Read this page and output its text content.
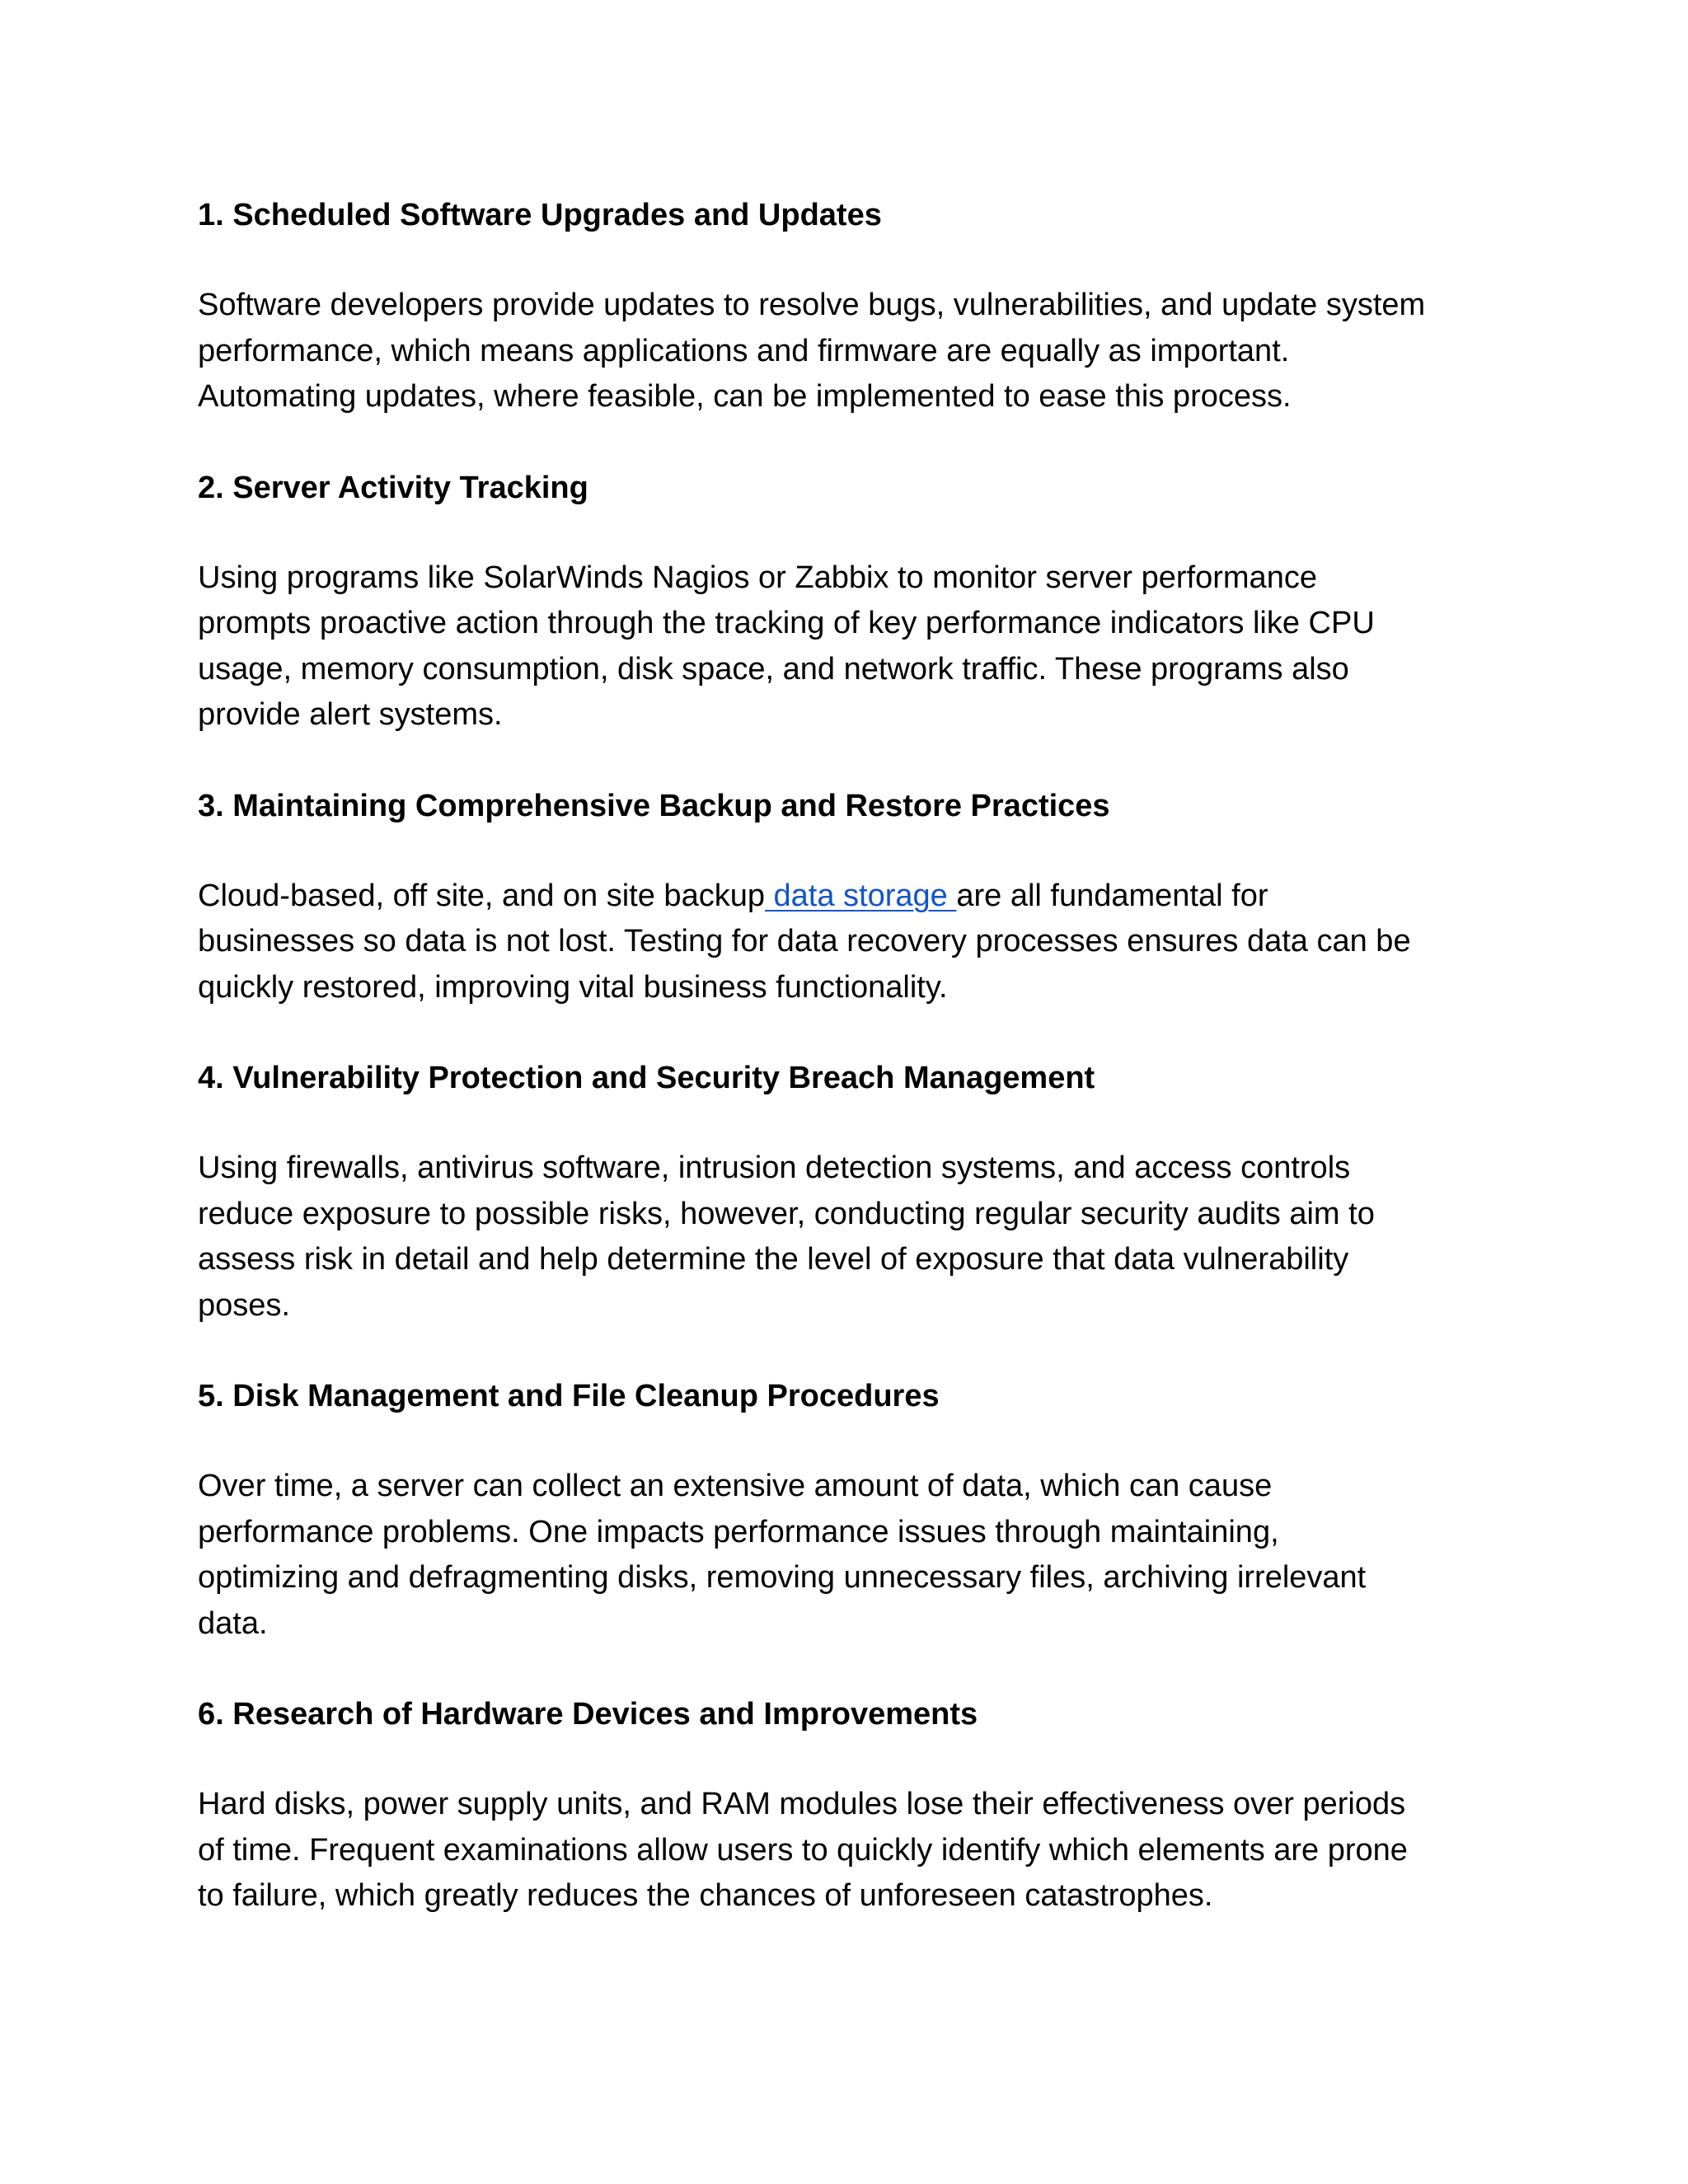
1. Scheduled Software Upgrades and Updates
Software developers provide updates to resolve bugs, vulnerabilities, and update system
performance, which means applications and firmware are equally as important.
Automating updates, where feasible, can be implemented to ease this process.
2. Server Activity Tracking
Using programs like SolarWinds Nagios or Zabbix to monitor server performance
prompts proactive action through the tracking of key performance indicators like CPU
usage, memory consumption, disk space, and network traffic. These programs also
provide alert systems.
3. Maintaining Comprehensive Backup and Restore Practices
Cloud-based, off site, and on site backup data storage are all fundamental for
businesses so data is not lost. Testing for data recovery processes ensures data can be
quickly restored, improving vital business functionality.
4. Vulnerability Protection and Security Breach Management
Using firewalls, antivirus software, intrusion detection systems, and access controls
reduce exposure to possible risks, however, conducting regular security audits aim to
assess risk in detail and help determine the level of exposure that data vulnerability
poses.
5. Disk Management and File Cleanup Procedures
Over time, a server can collect an extensive amount of data, which can cause
performance problems. One impacts performance issues through maintaining,
optimizing and defragmenting disks, removing unnecessary files, archiving irrelevant
data.
6. Research of Hardware Devices and Improvements
Hard disks, power supply units, and RAM modules lose their effectiveness over periods
of time. Frequent examinations allow users to quickly identify which elements are prone
to failure, which greatly reduces the chances of unforeseen catastrophes.
